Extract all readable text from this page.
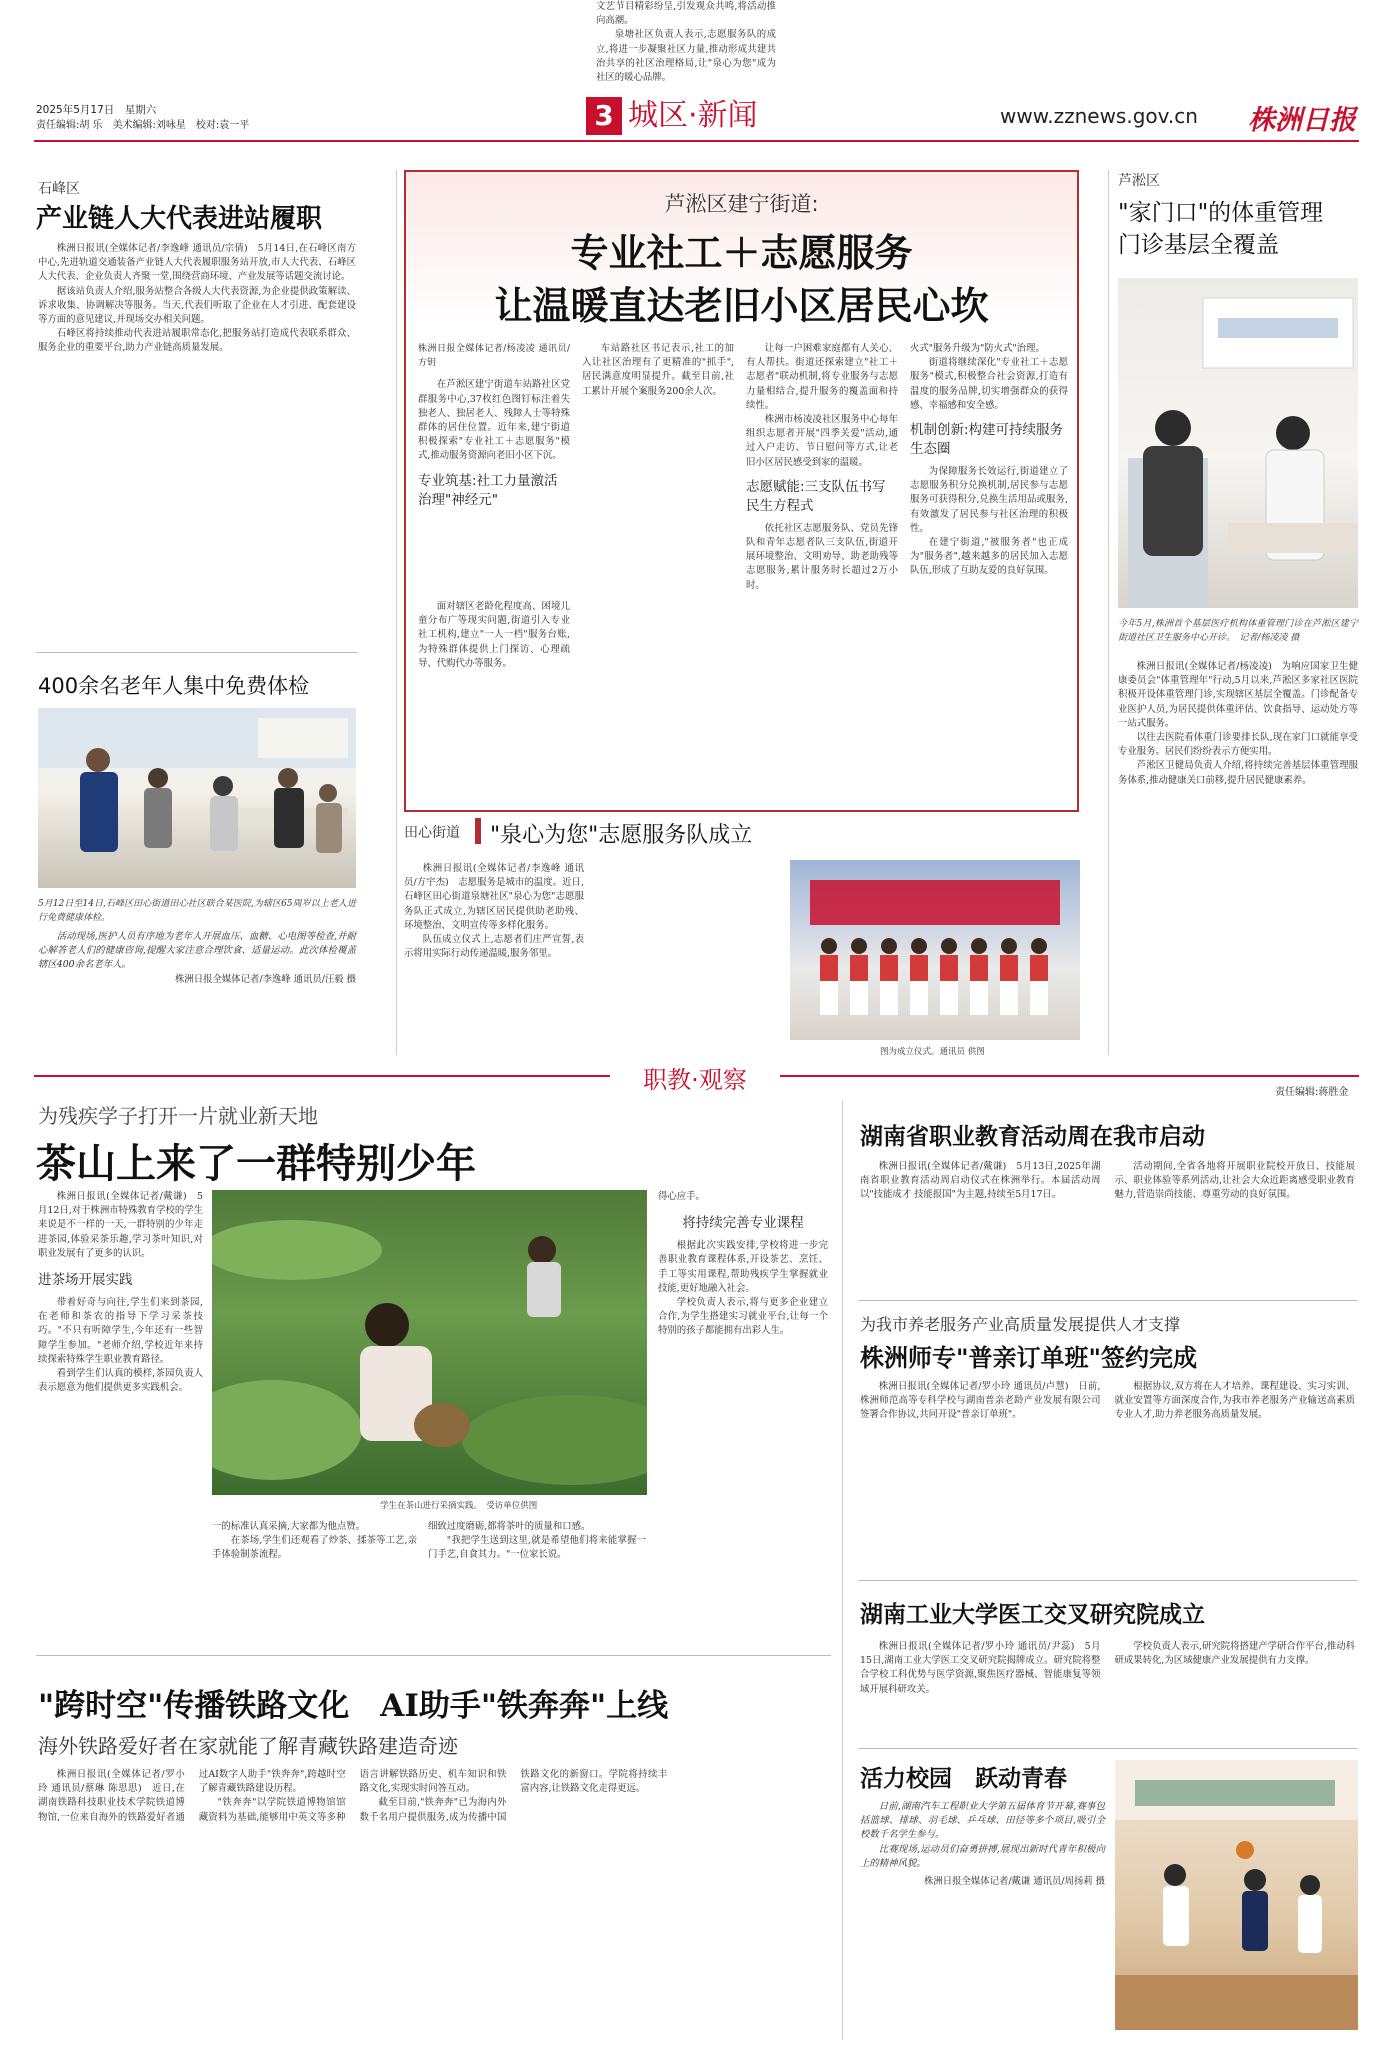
2025年5月17日　星期六
责任编辑:胡 乐　美术编辑:刘咏星　校对:袁一平	3 城区·新闻	www.zznews.gov.cn 株洲日报
石峰区
产业链人大代表进站履职

株洲日报讯(全媒体记者/李逸峰 通讯员/宗倩)　5月14日,在石峰区南方中心,先进轨道交通装备产业链人大代表履职服务站开放,市人大代表、石峰区人大代表、企业负责人齐聚一堂,围绕营商环境、产业发展等话题交流讨论。

据该站负责人介绍,服务站整合各级人大代表资源,为企业提供政策解读、诉求收集、协调解决等服务。当天,代表们听取了企业在人才引进、配套建设等方面的意见建议,并现场交办相关问题。

石峰区将持续推动代表进站履职常态化,把服务站打造成代表联系群众、服务企业的重要平台,助力产业链高质量发展。

400余名老年人集中免费体检
5月12日至14日,石峰区田心街道田心社区联合某医院,为辖区65周岁以上老人进行免费健康体检。

活动现场,医护人员有序地为老年人开展血压、血糖、心电图等检查,并耐心解答老人们的健康咨询,提醒大家注意合理饮食、适量运动。此次体检覆盖辖区400余名老年人。

株洲日报全媒体记者/李逸峰 通讯员/汪毅 摄

芦淞区建宁街道:
专业社工＋志愿服务
让温暖直达老旧小区居民心坎

株洲日报全媒体记者/杨凌凌 通讯员/方钥

在芦淞区建宁街道车站路社区党群服务中心,37枚红色图钉标注着失独老人、独居老人、残障人士等特殊群体的居住位置。近年来,建宁街道积极探索"专业社工＋志愿服务"模式,推动服务资源向老旧小区下沉。

专业筑基:社工力量激活治理"神经元"

面对辖区老龄化程度高、困境儿童分布广等现实问题,街道引入专业社工机构,建立"一人一档"服务台账,为特殊群体提供上门探访、心理疏导、代购代办等服务。

车站路社区书记表示,社工的加入让社区治理有了更精准的"抓手",居民满意度明显提升。截至目前,社工累计开展个案服务200余人次。

让每一户困难家庭都有人关心、有人帮扶。街道还探索建立"社工＋志愿者"联动机制,将专业服务与志愿力量相结合,提升服务的覆盖面和持续性。

株洲市杨凌凌社区服务中心每年组织志愿者开展"四季关爱"活动,通过入户走访、节日慰问等方式,让老旧小区居民感受到家的温暖。

志愿赋能:三支队伍书写民生方程式

依托社区志愿服务队、党员先锋队和青年志愿者队三支队伍,街道开展环境整治、文明劝导、助老助残等志愿服务,累计服务时长超过2万小时。

火式"服务升级为"防火式"治理。

街道将继续深化"专业社工＋志愿服务"模式,积极整合社会资源,打造有温度的服务品牌,切实增强群众的获得感、幸福感和安全感。

机制创新:构建可持续服务生态圈

为保障服务长效运行,街道建立了志愿服务积分兑换机制,居民参与志愿服务可获得积分,兑换生活用品或服务,有效激发了居民参与社区治理的积极性。

在建宁街道,"被服务者"也正成为"服务者",越来越多的居民加入志愿队伍,形成了互助友爱的良好氛围。

田心街道 "泉心为您"志愿服务队成立

株洲日报讯(全媒体记者/李逸峰 通讯员/方宇杰)　志愿服务是城市的温度。近日,石峰区田心街道泉塘社区"泉心为您"志愿服务队正式成立,为辖区居民提供助老助残、环境整治、文明宣传等多样化服务。

队伍成立仪式上,志愿者们庄严宣誓,表示将用实际行动传递温暖,服务邻里。

文艺节目精彩纷呈,引发观众共鸣,将活动推向高潮。

泉塘社区负责人表示,志愿服务队的成立,将进一步凝聚社区力量,推动形成共建共治共享的社区治理格局,让"泉心为您"成为社区的暖心品牌。

图为成立仪式。通讯员 供图
芦淞区
"家门口"的体重管理
门诊基层全覆盖
今年5月,株洲首个基层医疗机构体重管理门诊在芦淞区建宁街道社区卫生服务中心开诊。　记者/杨凌凌 摄

株洲日报讯(全媒体记者/杨凌凌)　为响应国家卫生健康委员会"体重管理年"行动,5月以来,芦淞区多家社区医院积极开设体重管理门诊,实现辖区基层全覆盖。门诊配备专业医护人员,为居民提供体重评估、饮食指导、运动处方等一站式服务。

以往去医院看体重门诊要排长队,现在家门口就能享受专业服务。居民们纷纷表示方便实用。

芦淞区卫健局负责人介绍,将持续完善基层体重管理服务体系,推动健康关口前移,提升居民健康素养。

职教·观察	责任编辑:蒋胜金
为残疾学子打开一片就业新天地
茶山上来了一群特别少年

株洲日报讯(全媒体记者/戴谦)　5月12日,对于株洲市特殊教育学校的学生来说是不一样的一天,一群特别的少年走进茶园,体验采茶乐趣,学习茶叶知识,对职业发展有了更多的认识。

进茶场开展实践

带着好奇与向往,学生们来到茶园,在老师和茶农的指导下学习采茶技巧。"不只有听障学生,今年还有一些智障学生参加。"老师介绍,学校近年来持续探索特殊学生职业教育路径。

看到学生们认真的模样,茶园负责人表示愿意为他们提供更多实践机会。

学生在茶山进行采摘实践。　受访单位供图

一的标准认真采摘,大家都为他点赞。

在茶场,学生们还观看了炒茶、揉茶等工艺,亲手体验制茶流程。

细致过度磨砺,都将茶叶的质量和口感。

"我把学生送到这里,就是希望他们将来能掌握一门手艺,自食其力。"一位家长说。

得心应手。

将持续完善专业课程

根据此次实践安排,学校将进一步完善职业教育课程体系,开设茶艺、烹饪、手工等实用课程,帮助残疾学生掌握就业技能,更好地融入社会。

学校负责人表示,将与更多企业建立合作,为学生搭建实习就业平台,让每一个特别的孩子都能拥有出彩人生。

"跨时空"传播铁路文化　AI助手"铁奔奔"上线
海外铁路爱好者在家就能了解青藏铁路建造奇迹

株洲日报讯(全媒体记者/罗小玲 通讯员/蔡琳 陈思思)　近日,在湖南铁路科技职业技术学院铁道博物馆,一位来自海外的铁路爱好者通过AI数字人助手"铁奔奔",跨越时空了解青藏铁路建设历程。

"铁奔奔"以学院铁道博物馆馆藏资料为基础,能够用中英文等多种语言讲解铁路历史、机车知识和铁路文化,实现实时问答互动。

截至目前,"铁奔奔"已为海内外数千名用户提供服务,成为传播中国铁路文化的新窗口。学院将持续丰富内容,让铁路文化走得更远。

湖南省职业教育活动周在我市启动

株洲日报讯(全媒体记者/戴谦)　5月13日,2025年湖南省职业教育活动周启动仪式在株洲举行。本届活动周以"技能成才 技能报国"为主题,持续至5月17日。

活动期间,全省各地将开展职业院校开放日、技能展示、职业体验等系列活动,让社会大众近距离感受职业教育魅力,营造崇尚技能、尊重劳动的良好氛围。

为我市养老服务产业高质量发展提供人才支撑
株洲师专"普亲订单班"签约完成

株洲日报讯(全媒体记者/罗小玲 通讯员/卢慧)　日前,株洲师范高等专科学校与湖南普亲老龄产业发展有限公司签署合作协议,共同开设"普亲订单班"。

根据协议,双方将在人才培养、课程建设、实习实训、就业安置等方面深度合作,为我市养老服务产业输送高素质专业人才,助力养老服务高质量发展。

湖南工业大学医工交叉研究院成立

株洲日报讯(全媒体记者/罗小玲 通讯员/尹蕊)　5月15日,湖南工业大学医工交叉研究院揭牌成立。研究院将整合学校工科优势与医学资源,聚焦医疗器械、智能康复等领域开展科研攻关。

学校负责人表示,研究院将搭建产学研合作平台,推动科研成果转化,为区域健康产业发展提供有力支撑。

活力校园　跃动青春

日前,湖南汽车工程职业大学第五届体育节开幕,赛事包括篮球、排球、羽毛球、乒乓球、田径等多个项目,吸引全校数千名学生参与。

比赛现场,运动员们奋勇拼搏,展现出新时代青年积极向上的精神风貌。

株洲日报全媒体记者/戴谦 通讯员/周扬莉 摄
